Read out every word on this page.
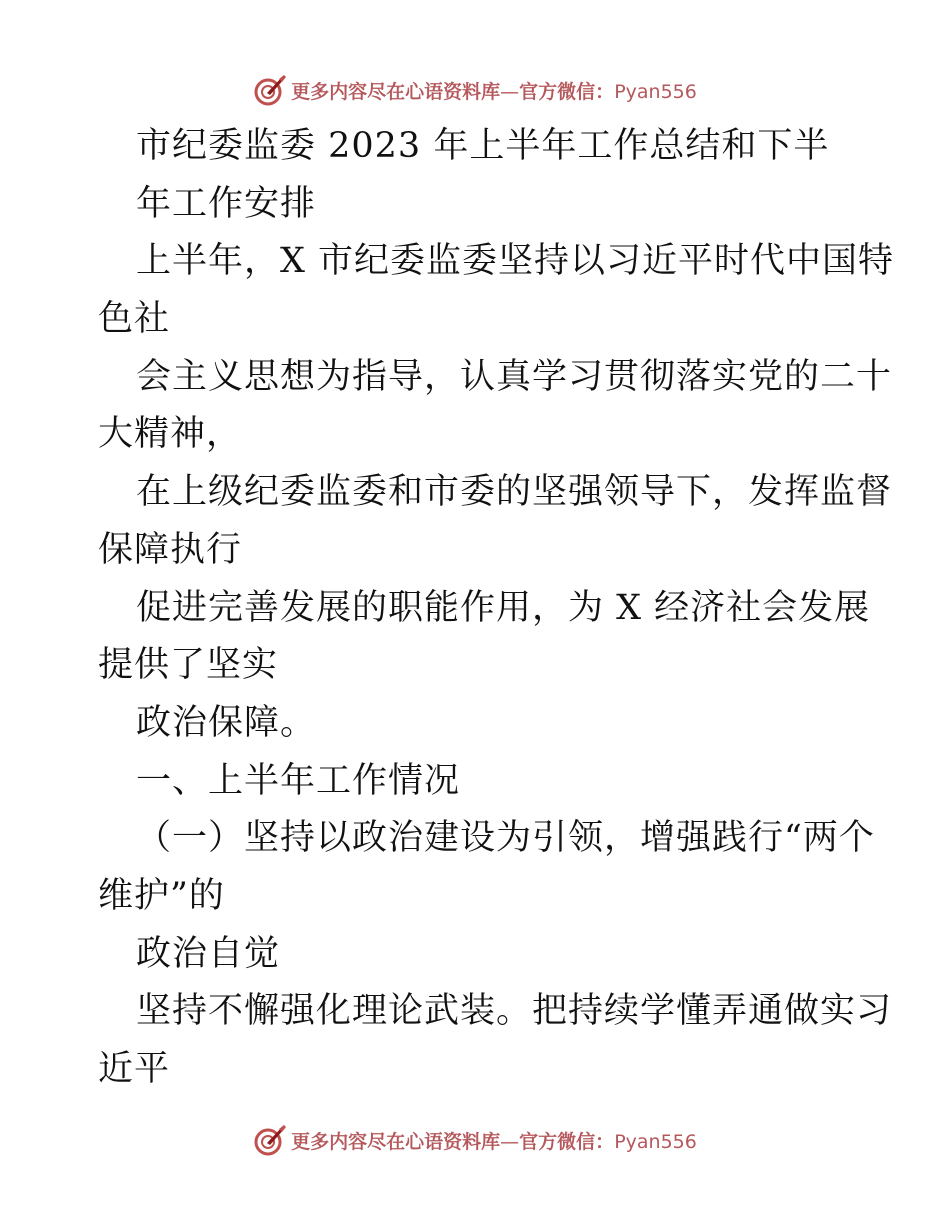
更多内容尽在心语资料库—官方微信：Pyan556
市纪委监委 2023 年上半年工作总结和下半
年工作安排
上半年，X 市纪委监委坚持以习近平时代中国特
色社
会主义思想为指导，认真学习贯彻落实党的二十
大精神，
在上级纪委监委和市委的坚强领导下，发挥监督
保障执行
促进完善发展的职能作用，为 X 经济社会发展
提供了坚实
政治保障。
一、上半年工作情况
（一）坚持以政治建设为引领，增强践行“两个
维护”的
政治自觉
坚持不懈强化理论武装。把持续学懂弄通做实习
近平
更多内容尽在心语资料库—官方微信：Pyan556
